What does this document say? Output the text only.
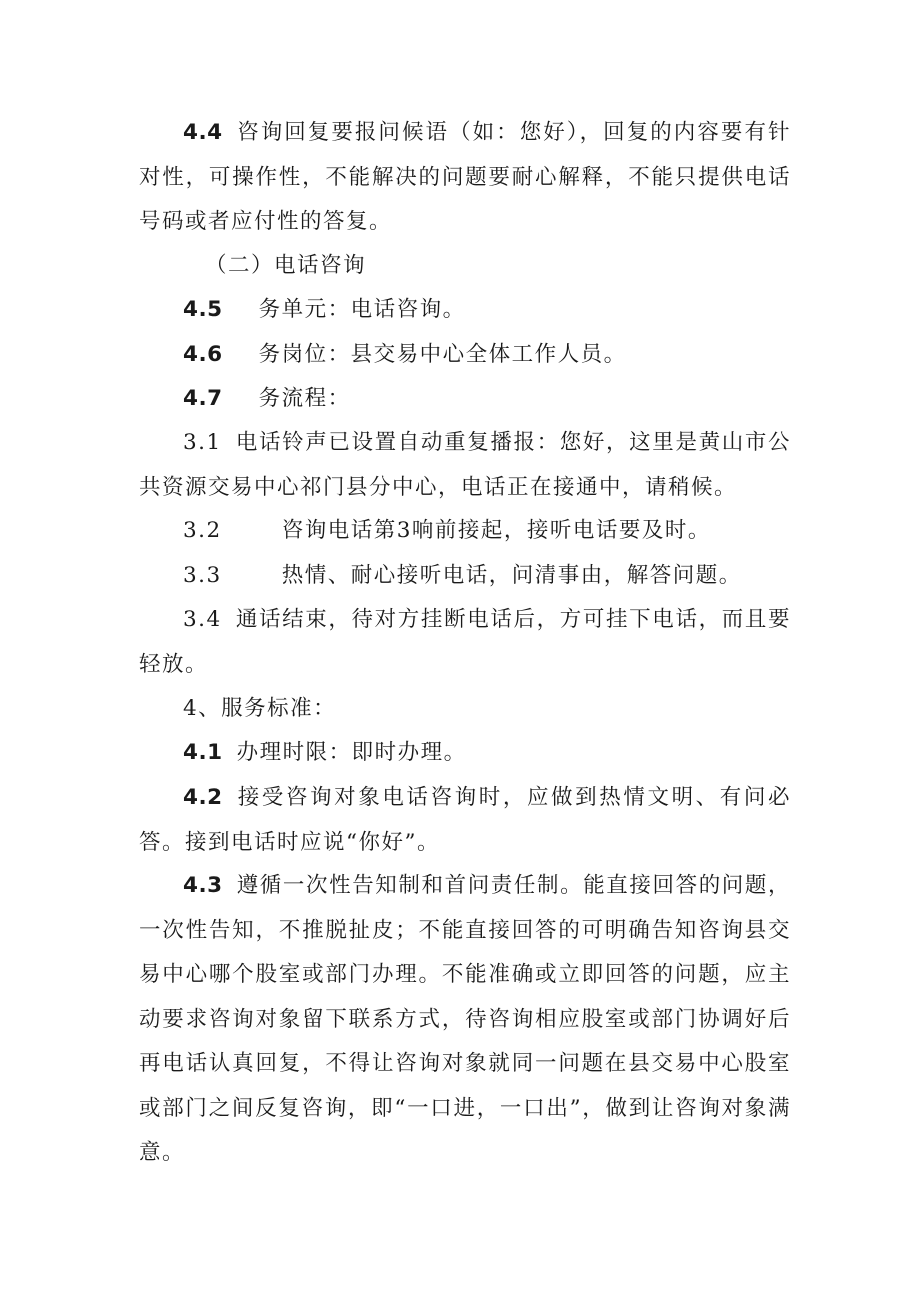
4.4 咨询回复要报问候语（如：您好），回复的内容要有针对性，可操作性，不能解决的问题要耐心解释，不能只提供电话号码或者应付性的答复。

（二）电话咨询

4.5 务单元：电话咨询。

4.6 务岗位：县交易中心全体工作人员。

4.7 务流程：

3.1 电话铃声已设置自动重复播报：您好，这里是黄山市公共资源交易中心祁门县分中心，电话正在接通中，请稍候。

3.2	咨询电话第3响前接起，接听电话要及时。

3.3	热情、耐心接听电话，问清事由，解答问题。

3.4 通话结束，待对方挂断电话后，方可挂下电话，而且要轻放。

4、服务标准：

4.1 办理时限：即时办理。

4.2 接受咨询对象电话咨询时，应做到热情文明、有问必答。接到电话时应说“你好”。

4.3 遵循一次性告知制和首问责任制。能直接回答的问题，一次性告知，不推脱扯皮；不能直接回答的可明确告知咨询县交易中心哪个股室或部门办理。不能准确或立即回答的问题，应主动要求咨询对象留下联系方式，待咨询相应股室或部门协调好后再电话认真回复，不得让咨询对象就同一问题在县交易中心股室或部门之间反复咨询，即“一口进，一口出”，做到让咨询对象满意。
